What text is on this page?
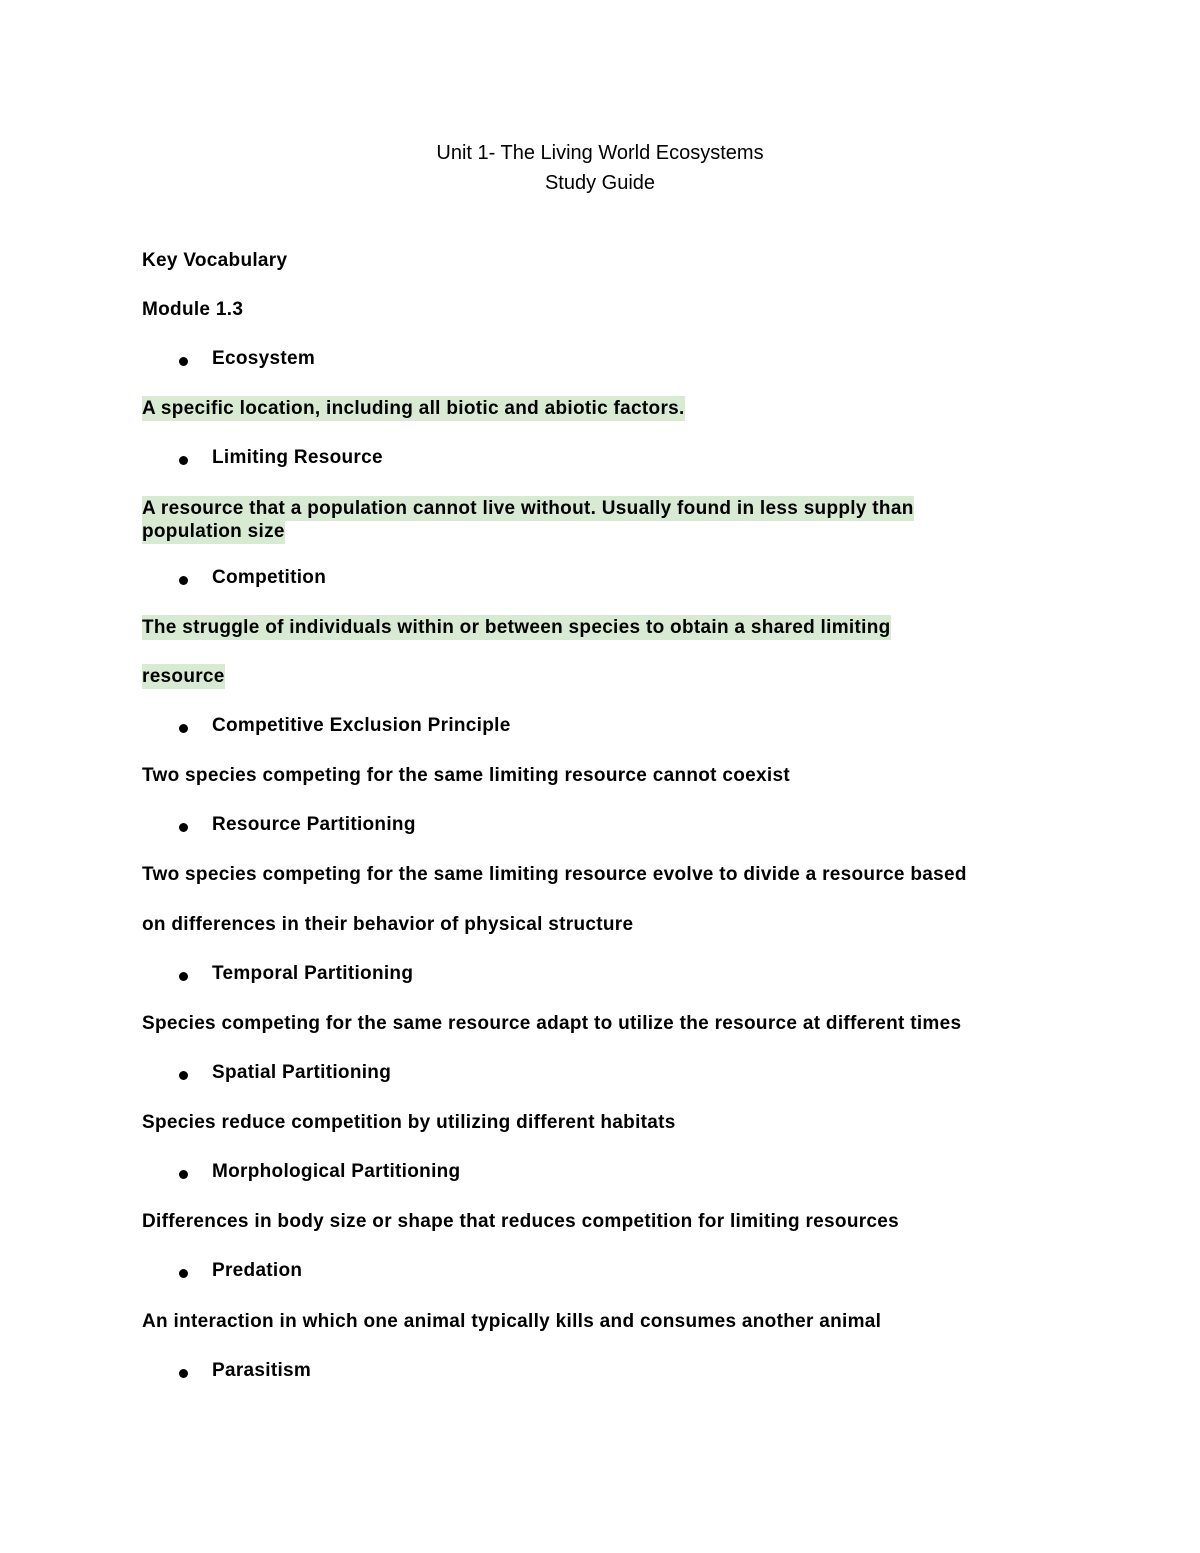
Unit 1- The Living World Ecosystems
Study Guide
Key Vocabulary
Module 1.3
Ecosystem
A specific location, including all biotic and abiotic factors.
Limiting Resource
A resource that a population cannot live without. Usually found in less supply than population size
Competition
The struggle of individuals within or between species to obtain a shared limiting
resource
Competitive Exclusion Principle
Two species competing for the same limiting resource cannot coexist
Resource Partitioning
Two species competing for the same limiting resource evolve to divide a resource based
on differences in their behavior of physical structure
Temporal Partitioning
Species competing for the same resource adapt to utilize the resource at different times
Spatial Partitioning
Species reduce competition by utilizing different habitats
Morphological Partitioning
Differences in body size or shape that reduces competition for limiting resources
Predation
An interaction in which one animal typically kills and consumes another animal
Parasitism
